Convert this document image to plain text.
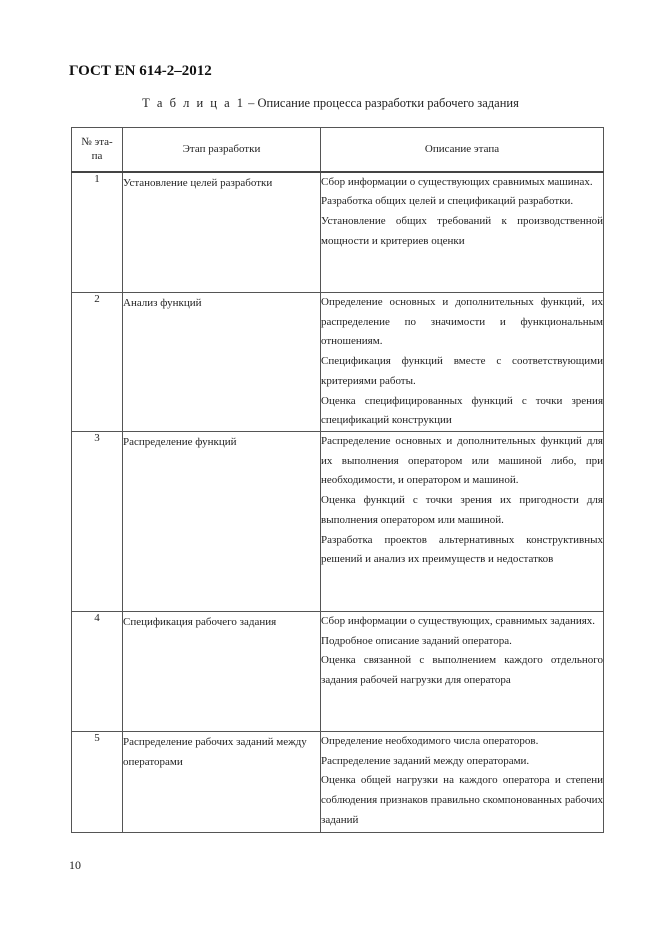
ГОСТ EN 614-2–2012
Т а б л и ц а 1 – Описание процесса разработки рабочего задания
№ эта-
па	Этап разработки	Описание этапа
1	Установление целей разработки	Сбор информации о существующих сравнимых машинах.

Разработка общих целей и спецификаций разработки.

Установление общих требований к производственной мощности и критериев оценки

2	Анализ функций	Определение основных и дополнительных функций, их распределение по значимости и функциональным отношениям.

Спецификация функций вместе с соответствующими критериями работы.

Оценка специфицированных функций с точки зрения спецификаций конструкции

3	Распределение функций	Распределение основных и дополнительных функций для их выполнения оператором или машиной либо, при необходимости, и оператором и машиной.

Оценка функций с точки зрения их пригодности для выполнения оператором или машиной.

Разработка проектов альтернативных конструктивных решений и анализ их преимуществ и недостатков

4	Спецификация рабочего задания	Сбор информации о существующих, сравнимых заданиях.

Подробное описание заданий оператора.

Оценка связанной с выполнением каждого отдельного задания рабочей нагрузки для оператора

5	Распределение рабочих заданий между операторами	Определение необходимого числа операторов.

Распределение заданий между операторами.

Оценка общей нагрузки на каждого оператора и степени соблюдения признаков правильно скомпонованных рабочих заданий

10
